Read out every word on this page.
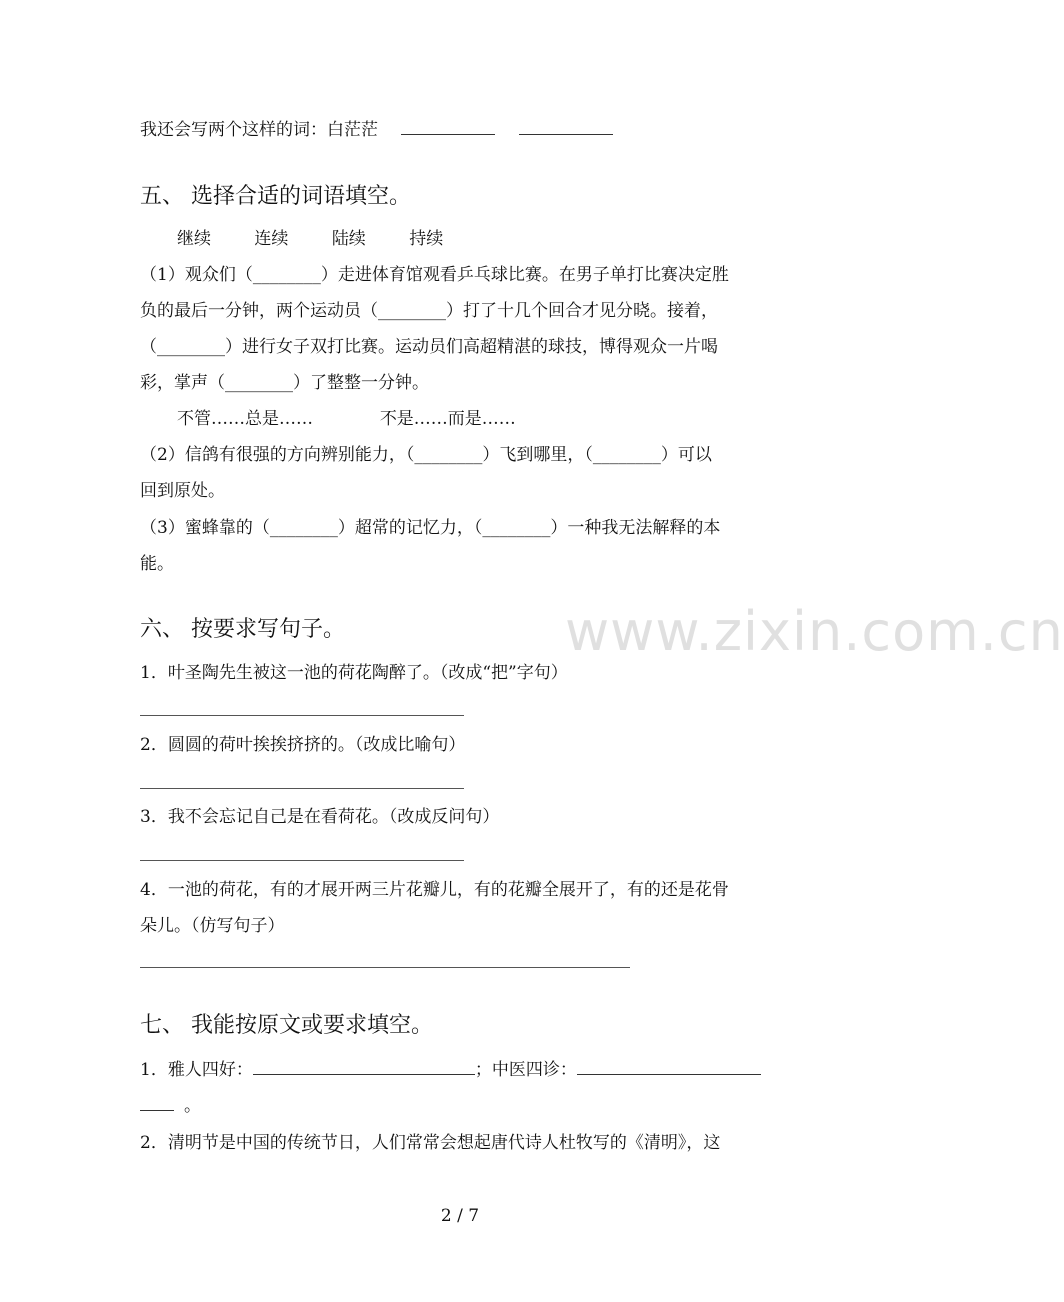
www.zixin.com.cn
我还会写两个这样的词：白茫茫
五、 选择合适的词语填空。
继续	连续	陆续	持续
（1）观众们（________）走进体育馆观看乒乓球比赛。在男子单打比赛决定胜
负的最后一分钟，两个运动员（________）打了十几个回合才见分晓。接着，
（________）进行女子双打比赛。运动员们高超精湛的球技，博得观众一片喝
彩，掌声（________）了整整一分钟。
不管……总是……	不是……而是……
（2）信鸽有很强的方向辨别能力，（________）飞到哪里，（________）可以
回到原处。
（3）蜜蜂靠的（________）超常的记忆力，（________）一种我无法解释的本
能。
六、 按要求写句子。
1．叶圣陶先生被这一池的荷花陶醉了。（改成“把”字句）
2．圆圆的荷叶挨挨挤挤的。（改成比喻句）
3．我不会忘记自己是在看荷花。（改成反问句）
4．一池的荷花，有的才展开两三片花瓣儿，有的花瓣全展开了，有的还是花骨
朵儿。（仿写句子）
七、 我能按原文或要求填空。
1．雅人四好：	；中医四诊：
。
2．清明节是中国的传统节日，人们常常会想起唐代诗人杜牧写的《清明》，这
2 / 7
